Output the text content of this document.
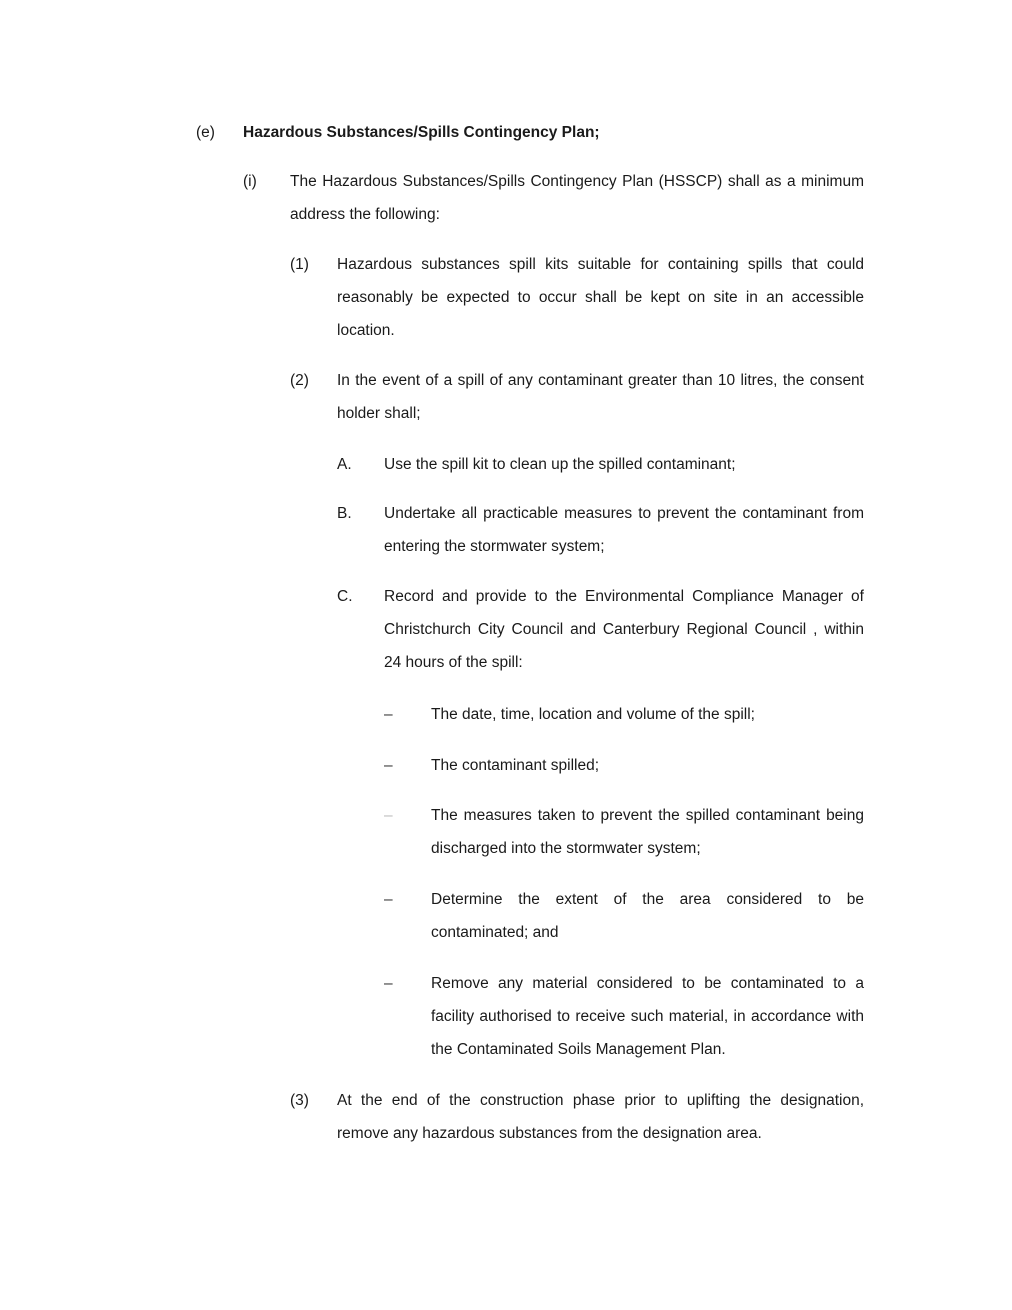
(e)	Hazardous Substances/Spills Contingency Plan;
(i)	The Hazardous Substances/Spills Contingency Plan (HSSCP) shall as a minimum address the following:
(1)	Hazardous substances spill kits suitable for containing spills that could reasonably be expected to occur shall be kept on site in an accessible location.
(2)	In the event of a spill of any contaminant greater than 10 litres, the consent holder shall;
A.	Use the spill kit to clean up the spilled contaminant;
B.	Undertake all practicable measures to prevent the contaminant from entering the stormwater system;
C.	Record and provide to the Environmental Compliance Manager of Christchurch City Council and Canterbury Regional Council , within 24 hours of the spill:
–	The date, time, location and volume of the spill;
–	The contaminant spilled;
–	The measures taken to prevent the spilled contaminant being discharged into the stormwater system;
–	Determine the extent of the area considered to be contaminated; and
–	Remove any material considered to be contaminated to a facility authorised to receive such material, in accordance with the Contaminated Soils Management Plan.
(3)	At the end of the construction phase prior to uplifting the designation, remove any hazardous substances from the designation area.
